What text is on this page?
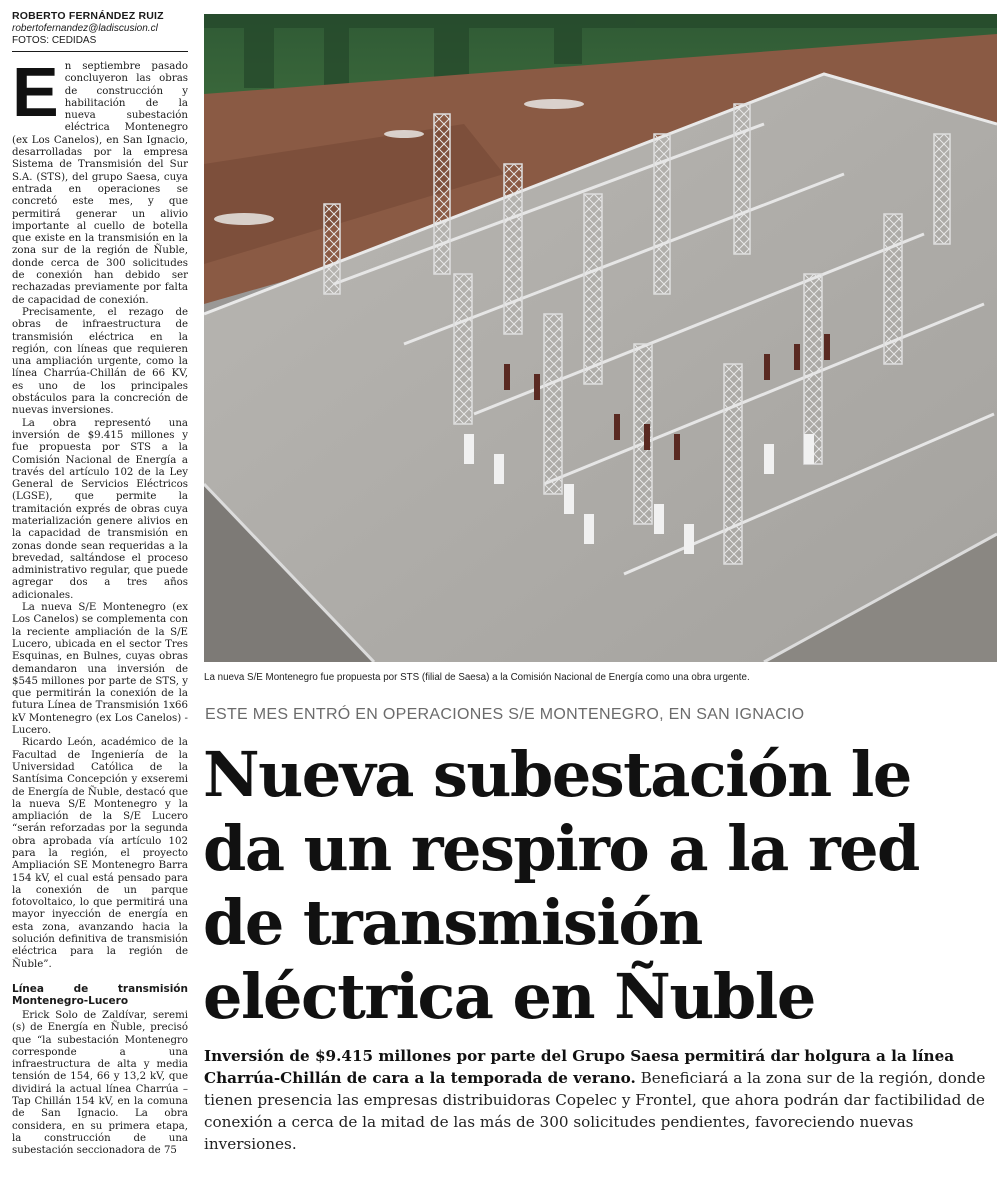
ROBERTO FERNÁNDEZ RUIZ
robertofernandez@ladiscusion.cl
FOTOS: CEDIDAS

En septiembre pasado concluyeron las obras de construcción y habilitación de la nueva subestación eléctrica Montenegro (ex Los Canelos), en San Ignacio, desarrolladas por la empresa Sistema de Transmisión del Sur S.A. (STS), del grupo Saesa, cuya entrada en operaciones se concretó este mes, y que permitirá generar un alivio importante al cuello de botella que existe en la transmisión en la zona sur de la región de Ñuble, donde cerca de 300 solicitudes de conexión han debido ser rechazadas previamente por falta de capacidad de conexión.

Precisamente, el rezago de obras de infraestructura de transmisión eléctrica en la región, con líneas que requieren una ampliación urgente, como la línea Charrúa-Chillán de 66 KV, es uno de los principales obstáculos para la concreción de nuevas inversiones.

La obra representó una inversión de $9.415 millones y fue propuesta por STS a la Comisión Nacional de Energía a través del artículo 102 de la Ley General de Servicios Eléctricos (LGSE), que permite la tramitación exprés de obras cuya materialización genere alivios en la capacidad de transmisión en zonas donde sean requeridas a la brevedad, saltándose el proceso administrativo regular, que puede agregar dos a tres años adicionales.

La nueva S/E Montenegro (ex Los Canelos) se complementa con la reciente ampliación de la S/E Lucero, ubicada en el sector Tres Esquinas, en Bulnes, cuyas obras demandaron una inversión de $545 millones por parte de STS, y que permitirán la conexión de la futura Línea de Transmisión 1x66 kV Montenegro (ex Los Canelos) - Lucero.

Ricardo León, académico de la Facultad de Ingeniería de la Universidad Católica de la Santísima Concepción y exseremi de Energía de Ñuble, destacó que la nueva S/E Montenegro y la ampliación de la S/E Lucero “serán reforzadas por la segunda obra aprobada vía artículo 102 para la región, el proyecto Ampliación SE Montenegro Barra 154 kV, el cual está pensado para la conexión de un parque fotovoltaico, lo que permitirá una mayor inyección de energía en esta zona, avanzando hacia la solución definitiva de transmisión eléctrica para la región de Ñuble”.

Línea de transmisión Montenegro-Lucero

Erick Solo de Zaldívar, seremi (s) de Energía en Ñuble, precisó que “la subestación Montenegro corresponde a una infraestructura de alta y media tensión de 154, 66 y 13,2 kV, que dividirá la actual línea Charrúa – Tap Chillán 154 kV, en la comuna de San Ignacio. La obra considera, en su primera etapa, la construcción de una subestación seccionadora de 75

La nueva S/E Montenegro fue propuesta por STS (filial de Saesa) a la Comisión Nacional de Energía como una obra urgente.
ESTE MES ENTRÓ EN OPERACIONES S/E MONTENEGRO, EN SAN IGNACIO
Nueva subestación le da un respiro a la red de transmisión eléctrica en Ñuble
Inversión de $9.415 millones por parte del Grupo Saesa permitirá dar holgura a la línea Charrúa-Chillán de cara a la temporada de verano. Beneficiará a la zona sur de la región, donde tienen presencia las empresas distribuidoras Copelec y Frontel, que ahora podrán dar factibilidad de conexión a cerca de la mitad de las más de 300 solicitudes pendientes, favoreciendo nuevas inversiones.
